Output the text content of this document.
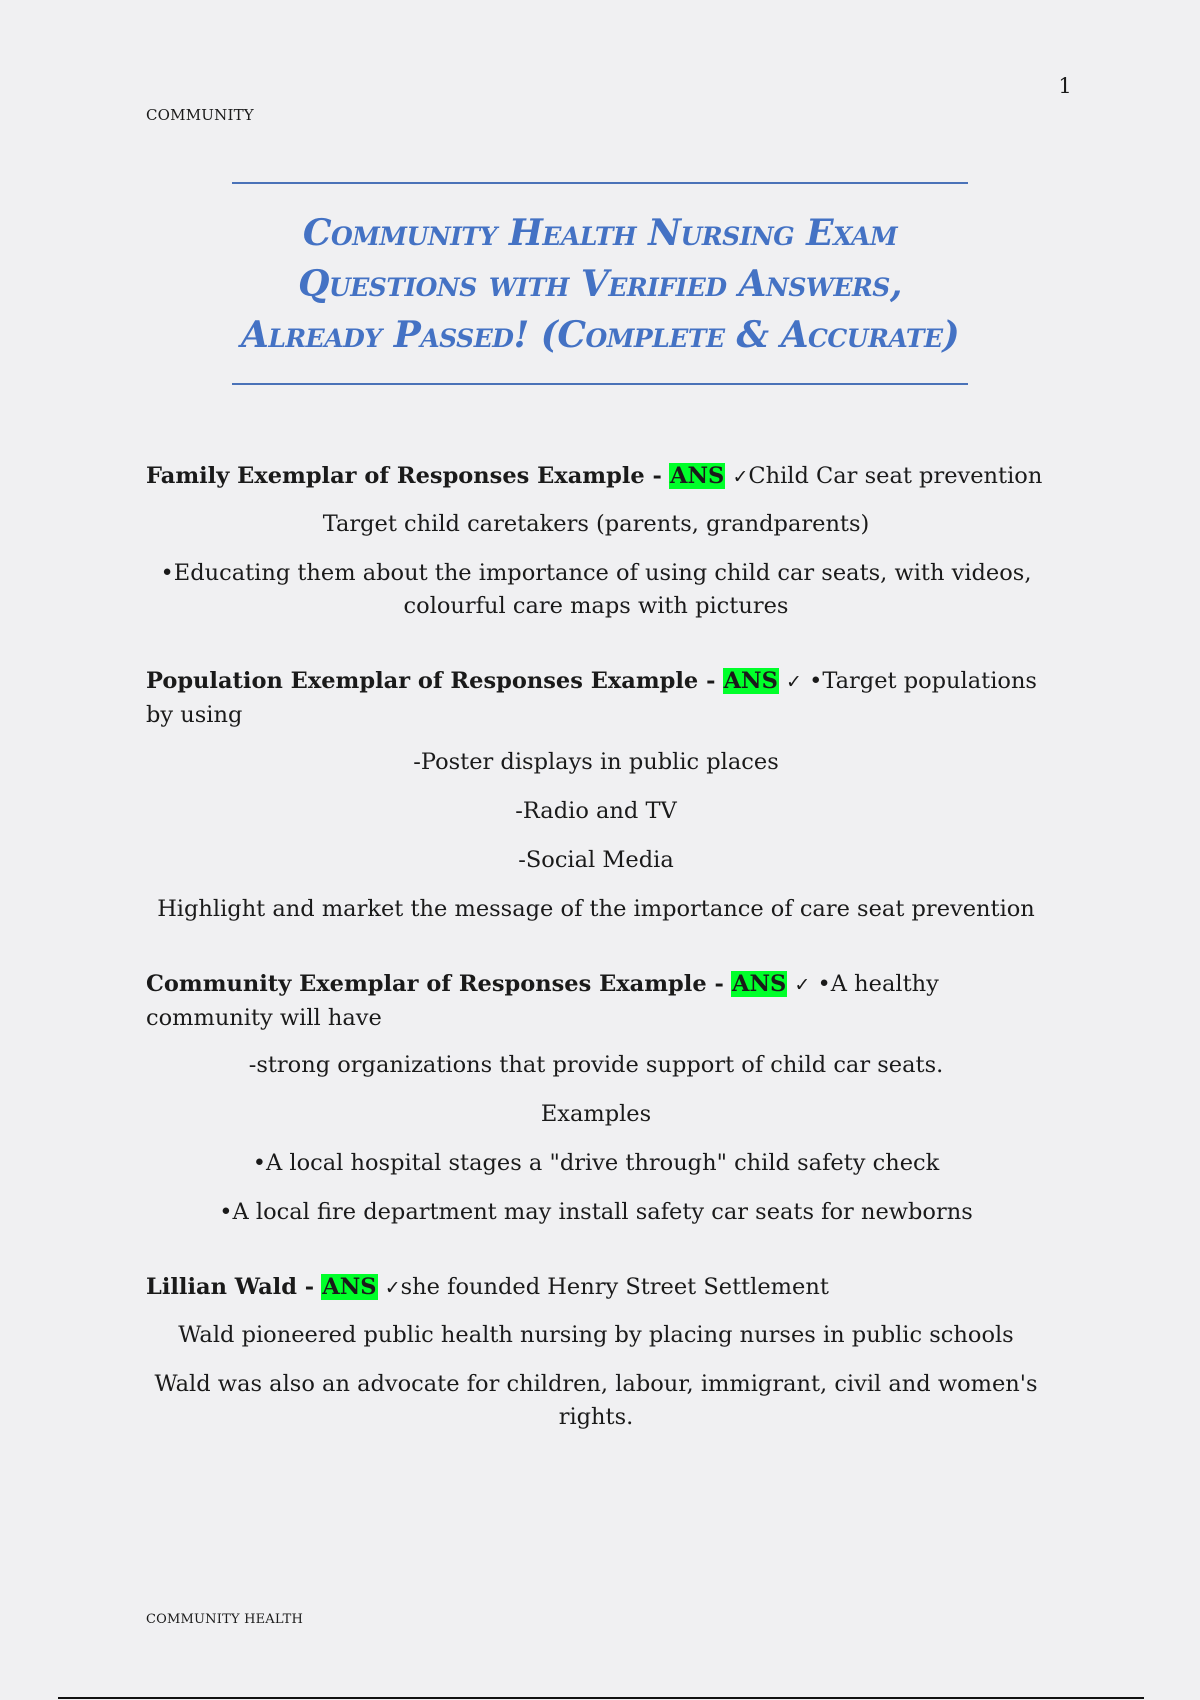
1
COMMUNITY
Community Health Nursing Exam
Questions with Verified Answers,
Already Passed! (Complete & Accurate)

Family Exemplar of Responses Example - ANS ✓Child Car seat prevention

Target child caretakers (parents, grandparents)

•Educating them about the importance of using child car seats, with videos, colourful care maps with pictures

Population Exemplar of Responses Example - ANS ✓ •Target populations by using

-Poster displays in public places

-Radio and TV

-Social Media

Highlight and market the message of the importance of care seat prevention

Community Exemplar of Responses Example - ANS ✓ •A healthy community will have

-strong organizations that provide support of child car seats.

Examples

•A local hospital stages a "drive through" child safety check

•A local fire department may install safety car seats for newborns

Lillian Wald - ANS ✓she founded Henry Street Settlement

Wald pioneered public health nursing by placing nurses in public schools

Wald was also an advocate for children, labour, immigrant, civil and women's rights.

COMMUNITY HEALTH
